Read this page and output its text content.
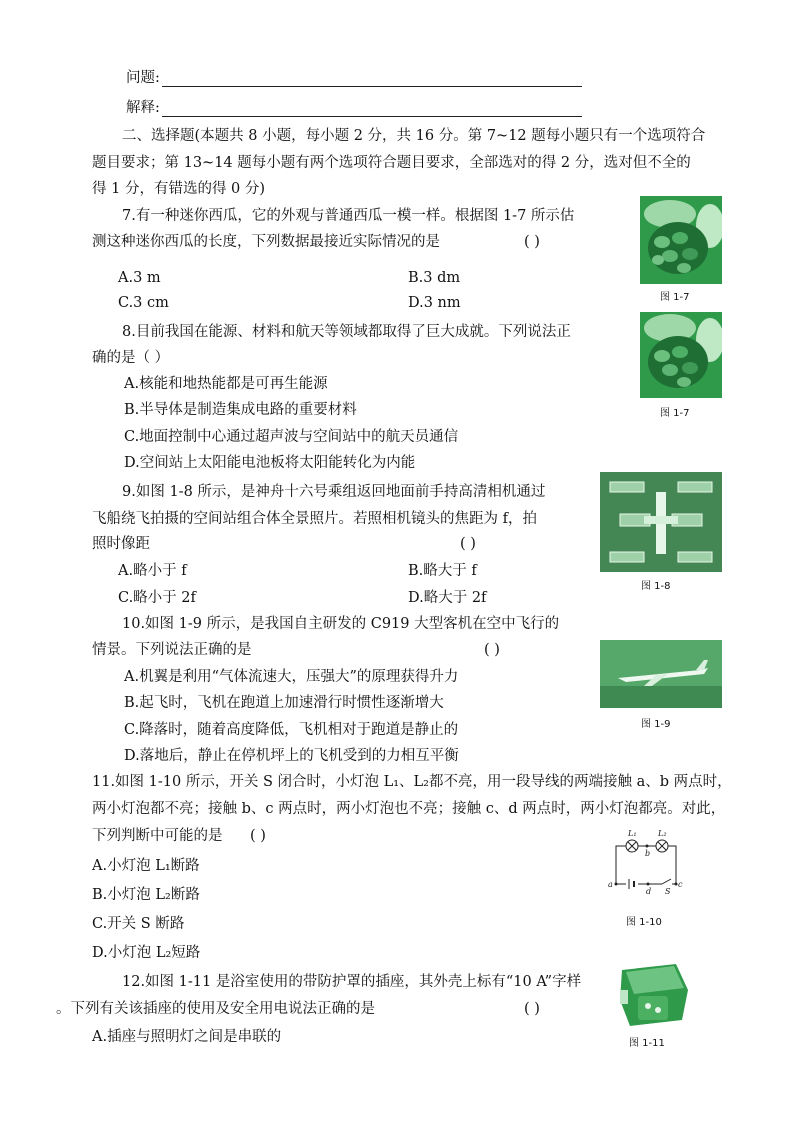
问题:
解释:
二、选择题(本题共 8 小题，每小题 2 分，共 16 分。第 7~12 题每小题只有一个选项符合
题目要求；第 13~14 题每小题有两个选项符合题目要求，全部选对的得 2 分，选对但不全的
得 1 分，有错选的得 0 分)
7.有一种迷你西瓜，它的外观与普通西瓜一模一样。根据图 1-7 所示估
测这种迷你西瓜的长度，下列数据最接近实际情况的是	( )
A.3 m	B.3 dm
C.3 cm	D.3 nm	图 1-7
8.目前我国在能源、材料和航天等领域都取得了巨大成就。下列说法正
确的是（ ）
A.核能和地热能都是可再生能源
B.半导体是制造集成电路的重要材料
C.地面控制中心通过超声波与空间站中的航天员通信
D.空间站上太阳能电池板将太阳能转化为内能
图 1-7
9.如图 1-8 所示，是神舟十六号乘组返回地面前手持高清相机通过
飞船绕飞拍摄的空间站组合体全景照片。若照相机镜头的焦距为 f，拍
照时像距	( )
A.略小于 f	B.略大于 f
C.略小于 2f	D.略大于 2f
图 1-8
10.如图 1-9 所示，是我国自主研发的 C919 大型客机在空中飞行的
情景。下列说法正确的是	( )
A.机翼是利用“气体流速大，压强大”的原理获得升力
B.起飞时，飞机在跑道上加速滑行时惯性逐渐增大
C.降落时，随着高度降低，飞机相对于跑道是静止的
D.落地后，静止在停机坪上的飞机受到的力相互平衡
图 1-9
11.如图 1-10 所示，开关 S 闭合时，小灯泡 L₁、L₂都不亮，用一段导线的两端接触 a、b 两点时，
两小灯泡都不亮；接触 b、c 两点时，两小灯泡也不亮；接触 c、d 两点时，两小灯泡都亮。对此，
下列判断中可能的是 ( )
A.小灯泡 L₁断路
B.小灯泡 L₂断路
C.开关 S 断路
D.小灯泡 L₂短路
L₁	L₂
b
a	c
d S
图 1-10
12.如图 1-11 是浴室使用的带防护罩的插座，其外壳上标有“10 A”字样
。下列有关该插座的使用及安全用电说法正确的是	( )
A.插座与照明灯之间是串联的	图 1-11
